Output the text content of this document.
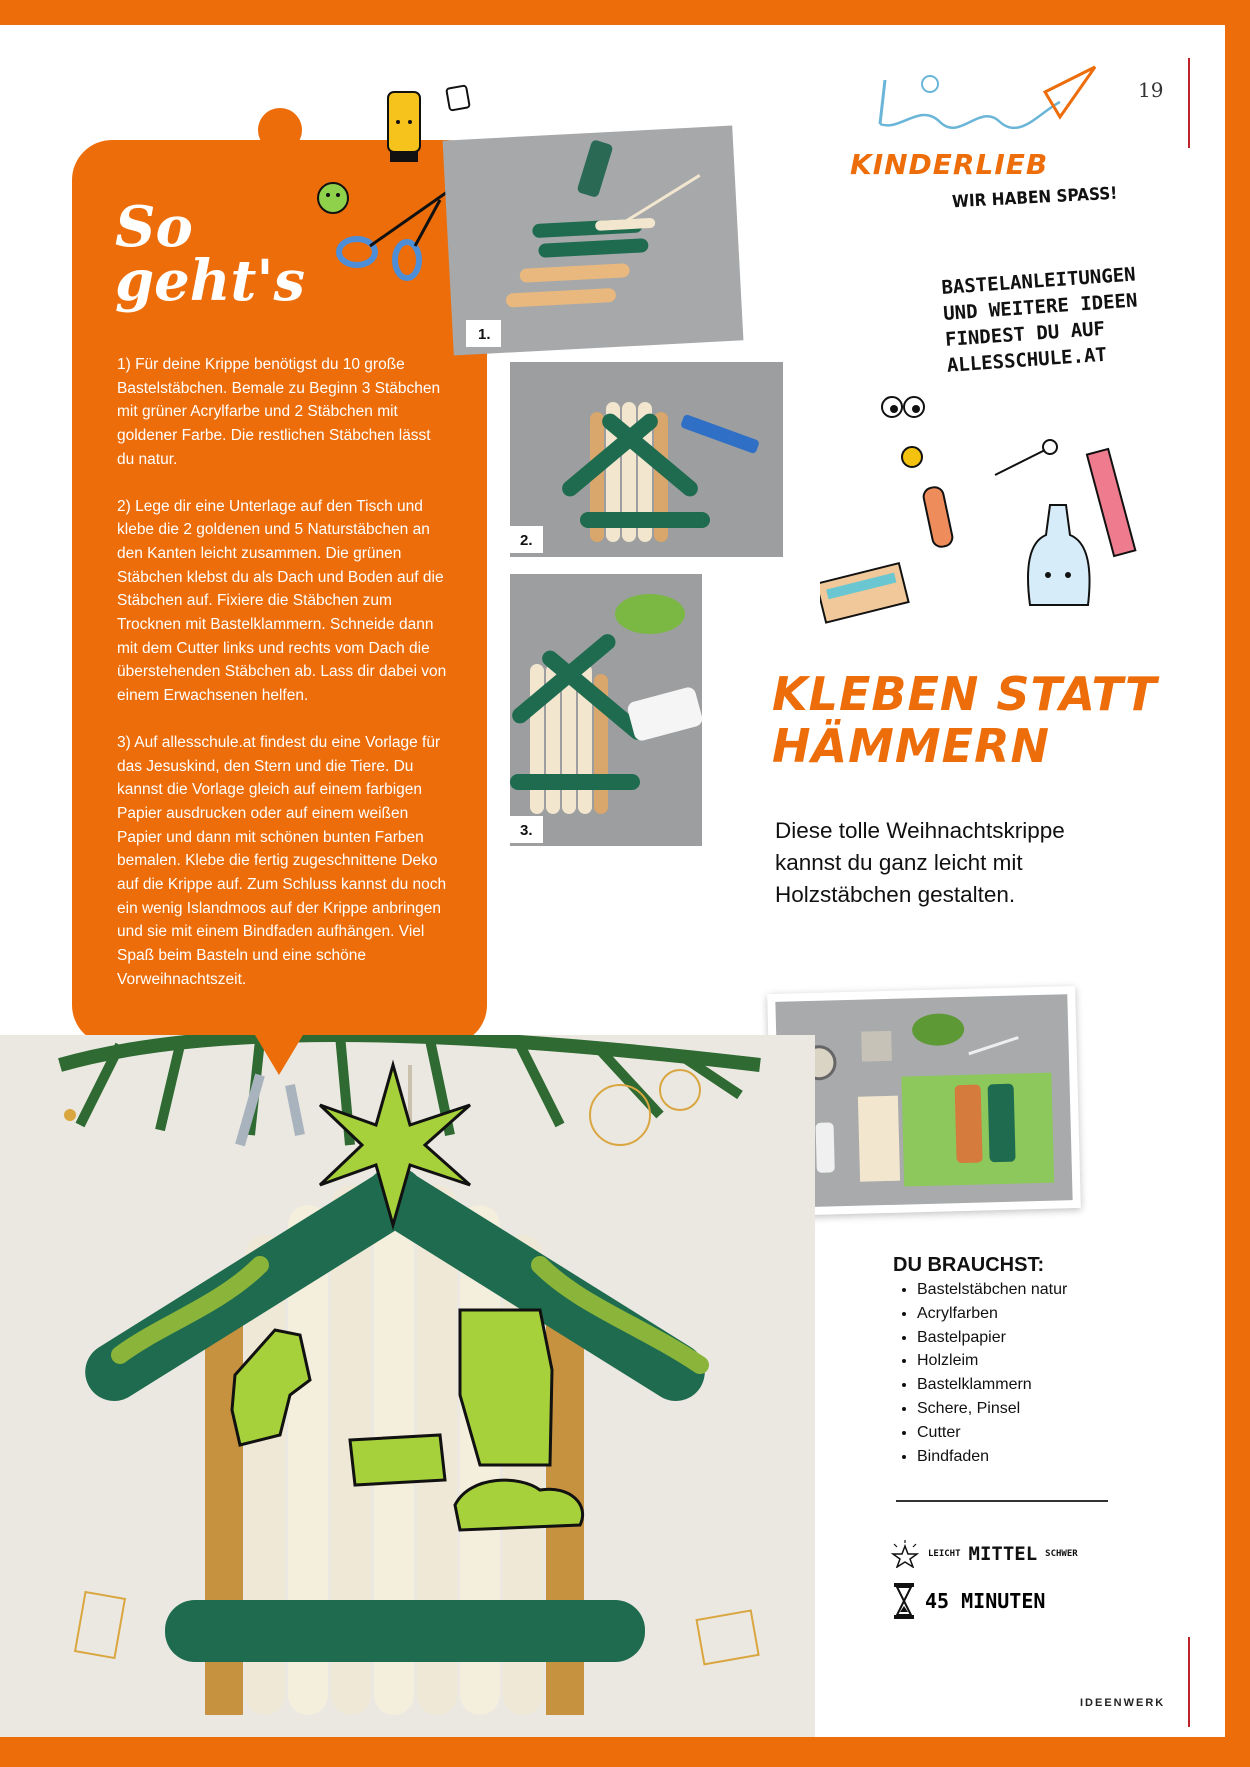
19
KINDERLIEB
WIR HABEN SPASS!
BASTELANLEITUNGEN UND WEITERE IDEEN FINDEST DU AUF ALLESSCHULE.AT
So
geht's

1) Für deine Krippe benötigst du 10 große Bastelstäbchen. Bemale zu Beginn 3 Stäbchen mit grüner Acrylfarbe und 2 Stäbchen mit goldener Farbe. Die restlichen Stäbchen lässt du natur.

2) Lege dir eine Unterlage auf den Tisch und klebe die 2 goldenen und 5 Naturstäbchen an den Kanten leicht zusammen. Die grünen Stäbchen klebst du als Dach und Boden auf die Stäbchen auf. Fixiere die Stäbchen zum Trocknen mit Bastelklammern. Schneide dann mit dem Cutter links und rechts vom Dach die überstehenden Stäbchen ab. Lass dir dabei von einem Erwachsenen helfen.

3) Auf allesschule.at findest du eine Vorlage für das Jesuskind, den Stern und die Tiere. Du kannst die Vorlage gleich auf einem farbigen Papier ausdrucken oder auf einem weißen Papier und dann mit schönen bunten Farben bemalen. Klebe die fertig zugeschnittene Deko auf die Krippe auf. Zum Schluss kannst du noch ein wenig Islandmoos auf der Krippe anbringen und sie mit einem Bindfaden aufhängen. Viel Spaß beim Basteln und eine schöne Vorweihnachtszeit.

1.
2.
3.
KLEBEN STATT
HÄMMERN
Diese tolle Weihnachtskrippe kannst du ganz leicht mit Holzstäbchen gestalten.
DU BRAUCHST:
• Bastelstäbchen natur
• Acrylfarben
• Bastelpapier
• Holzleim
• Bastelklammern
• Schere, Pinsel
• Cutter
• Bindfaden
LEICHT MITTEL SCHWER
45 MINUTEN
IDEENWERK
